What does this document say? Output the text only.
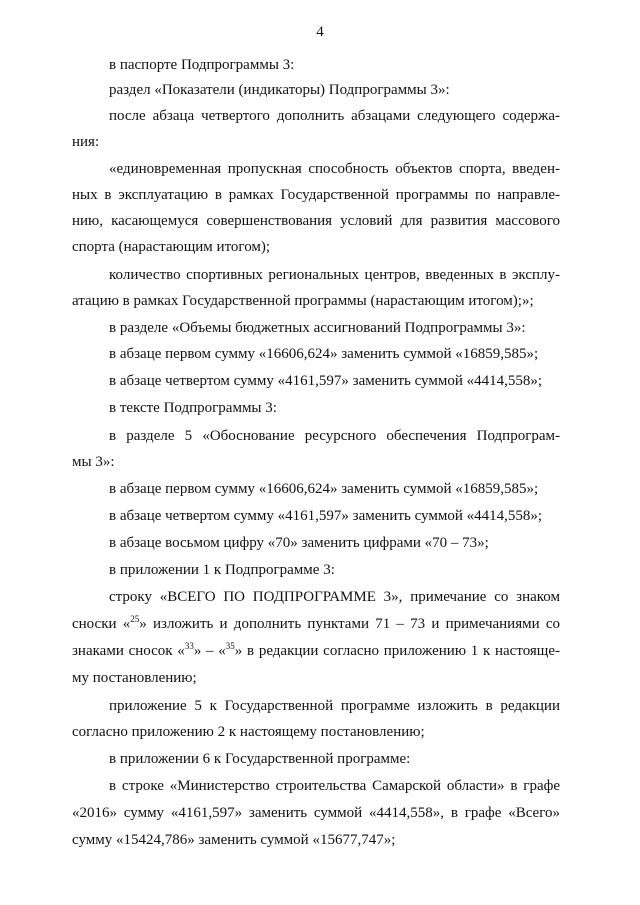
4
в паспорте Подпрограммы 3:
раздел «Показатели (индикаторы) Подпрограммы 3»:
после абзаца четвертого дополнить абзацами следующего содержа-
ния:
«единовременная пропускная способность объектов спорта, введен-
ных в эксплуатацию в рамках Государственной программы по направле-
нию, касающемуся совершенствования условий для развития массового
спорта (нарастающим итогом);
количество спортивных региональных центров, введенных в эксплу-
атацию в рамках Государственной программы (нарастающим итогом);»;
в разделе «Объемы бюджетных ассигнований Подпрограммы 3»:
в абзаце первом сумму «16606,624» заменить суммой «16859,585»;
в абзаце четвертом сумму «4161,597» заменить суммой «4414,558»;
в тексте Подпрограммы 3:
в разделе 5 «Обоснование ресурсного обеспечения Подпрограм-
мы 3»:
в абзаце первом сумму «16606,624» заменить суммой «16859,585»;
в абзаце четвертом сумму «4161,597» заменить суммой «4414,558»;
в абзаце восьмом цифру «70» заменить цифрами «70 – 73»;
в приложении 1 к Подпрограмме 3:
строку «ВСЕГО ПО ПОДПРОГРАММЕ 3», примечание со знаком
сноски «$^{25}$» изложить и дополнить пунктами 71 – 73 и примечаниями со
знаками сносок «$^{33}$» – «$^{35}$» в редакции согласно приложению 1 к настояще-
му постановлению;
приложение 5 к Государственной программе изложить в редакции
согласно приложению 2 к настоящему постановлению;
в приложении 6 к Государственной программе:
в строке «Министерство строительства Самарской области» в графе
«2016» сумму «4161,597» заменить суммой «4414,558», в графе «Всего»
сумму «15424,786» заменить суммой «15677,747»;
